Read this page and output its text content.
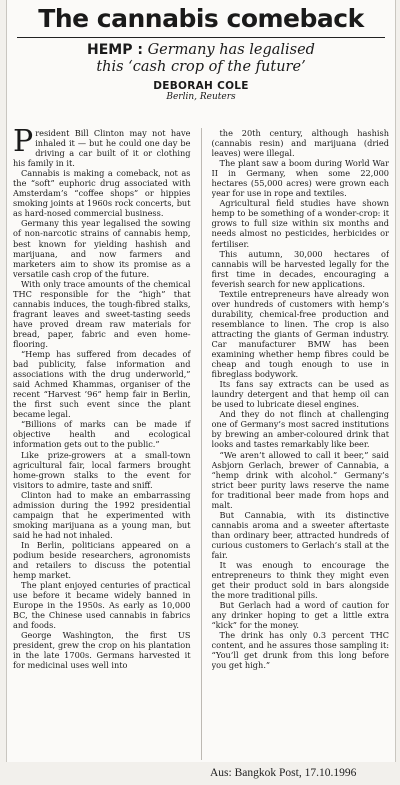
The cannabis comeback
HEMP : Germany has legalised
this ‘cash crop of the future’
DEBORAH COLE
Berlin, Reuters

President Bill Clinton may not have inhaled it — but he could one day be driving a car built of it or clothing his family in it.

Cannabis is making a comeback, not as the “soft” euphoric drug associated with Amsterdam’s “coffee shops” or hippies smoking joints at 1960s rock concerts, but as hard-nosed commercial business.

Germany this year legalised the sowing of non-narcotic strains of cannabis hemp, best known for yielding hashish and marijuana, and now farmers and marketers aim to show its promise as a versatile cash crop of the future.

With only trace amounts of the chemical THC responsible for the “high” that cannabis induces, the tough-fibred stalks, fragrant leaves and sweet-tasting seeds have proved dream raw materials for bread, paper, fabric and even home-flooring.

“Hemp has suffered from decades of bad publicity, false information and associations with the drug underworld,” said Achmed Khammas, organiser of the recent “Harvest ’96” hemp fair in Berlin, the first such event since the plant became legal.

“Billions of marks can be made if objective health and ecological information gets out to the public.”

Like prize-growers at a small-town agricultural fair, local farmers brought home-grown stalks to the event for visitors to admire, taste and sniff.

Clinton had to make an embarrassing admission during the 1992 presidential campaign that he experimented with smoking marijuana as a young man, but said he had not inhaled.

In Berlin, politicians appeared on a podium beside researchers, agronomists and retailers to discuss the potential hemp market.

The plant enjoyed centuries of practical use before it became widely banned in Europe in the 1950s. As early as 10,000 BC, the Chinese used cannabis in fabrics and foods.

George Washington, the first US president, grew the crop on his plantation in the late 1700s. Germans harvested it for medicinal uses well into

the 20th century, although hashish (cannabis resin) and marijuana (dried leaves) were illegal.

The plant saw a boom during World War II in Germany, when some 22,000 hectares (55,000 acres) were grown each year for use in rope and textiles.

Agricultural field studies have shown hemp to be something of a wonder-crop: it grows to full size within six months and needs almost no pesticides, herbicides or fertiliser.

This autumn, 30,000 hectares of cannabis will be harvested legally for the first time in decades, encouraging a feverish search for new applications.

Textile entrepreneurs have already won over hundreds of customers with hemp’s durability, chemical-free production and resemblance to linen. The crop is also attracting the giants of German industry. Car manufacturer BMW has been examining whether hemp fibres could be cheap and tough enough to use in fibreglass bodywork.

Its fans say extracts can be used as laundry detergent and that hemp oil can be used to lubricate diesel engines.

And they do not flinch at challenging one of Germany’s most sacred institutions by brewing an amber-coloured drink that looks and tastes remarkably like beer.

“We aren’t allowed to call it beer,” said Asbjorn Gerlach, brewer of Cannabia, a “hemp drink with alcohol.” Germany’s strict beer purity laws reserve the name for traditional beer made from hops and malt.

But Cannabia, with its distinctive cannabis aroma and a sweeter aftertaste than ordinary beer, attracted hundreds of curious customers to Gerlach’s stall at the fair.

It was enough to encourage the entrepreneurs to think they might even get their product sold in bars alongside the more traditional pills.

But Gerlach had a word of caution for any drinker hoping to get a little extra “kick” for the money.

The drink has only 0.3 percent THC content, and he assures those sampling it: “You’ll get drunk from this long before you get high.”

Aus: Bangkok Post, 17.10.1996
